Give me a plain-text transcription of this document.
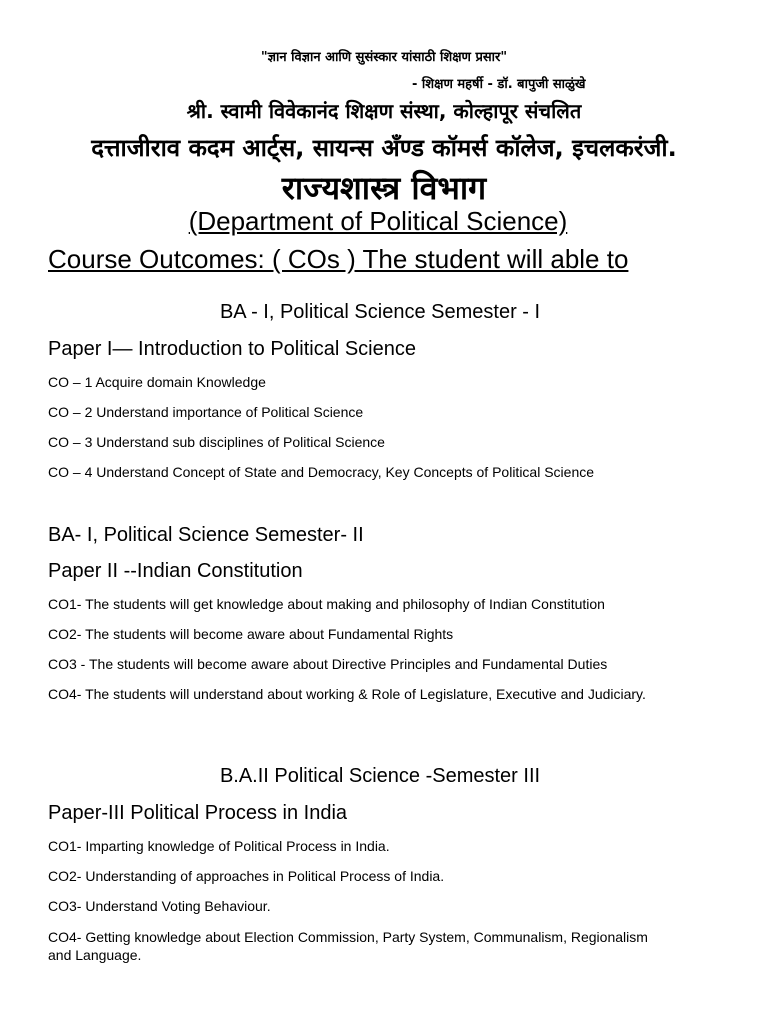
"ज्ञान विज्ञान आणि सुसंस्कार यांसाठी शिक्षण प्रसार"
- शिक्षण महर्षी - डॉ. बापुजी साळुंखे
श्री. स्वामी विवेकानंद शिक्षण संस्था, कोल्हापूर संचलित
दत्ताजीराव कदम आर्ट्स, सायन्स अँण्ड कॉमर्स कॉलेज, इचलकरंजी.
राज्यशास्त्र विभाग
(Department of Political Science)
Course Outcomes: ( COs ) The student will able to
BA - I, Political Science Semester - I
Paper I— Introduction to Political Science
CO – 1 Acquire domain Knowledge
CO – 2 Understand importance of Political Science
CO – 3 Understand sub disciplines of Political Science
CO – 4 Understand Concept of State and Democracy, Key Concepts of Political Science
BA- I, Political Science Semester- II
Paper II --Indian Constitution
CO1- The students will get knowledge about making and philosophy of Indian Constitution
CO2- The students will become aware about Fundamental Rights
CO3 - The students will become aware about Directive Principles and Fundamental Duties
CO4- The students will understand about working & Role of Legislature, Executive and Judiciary.
B.A.II Political Science -Semester III
Paper-III Political Process in India
CO1- Imparting knowledge of Political Process in India.
CO2- Understanding of approaches in Political Process of India.
CO3- Understand Voting Behaviour.
CO4- Getting knowledge about Election Commission, Party System, Communalism, Regionalism and Language.
